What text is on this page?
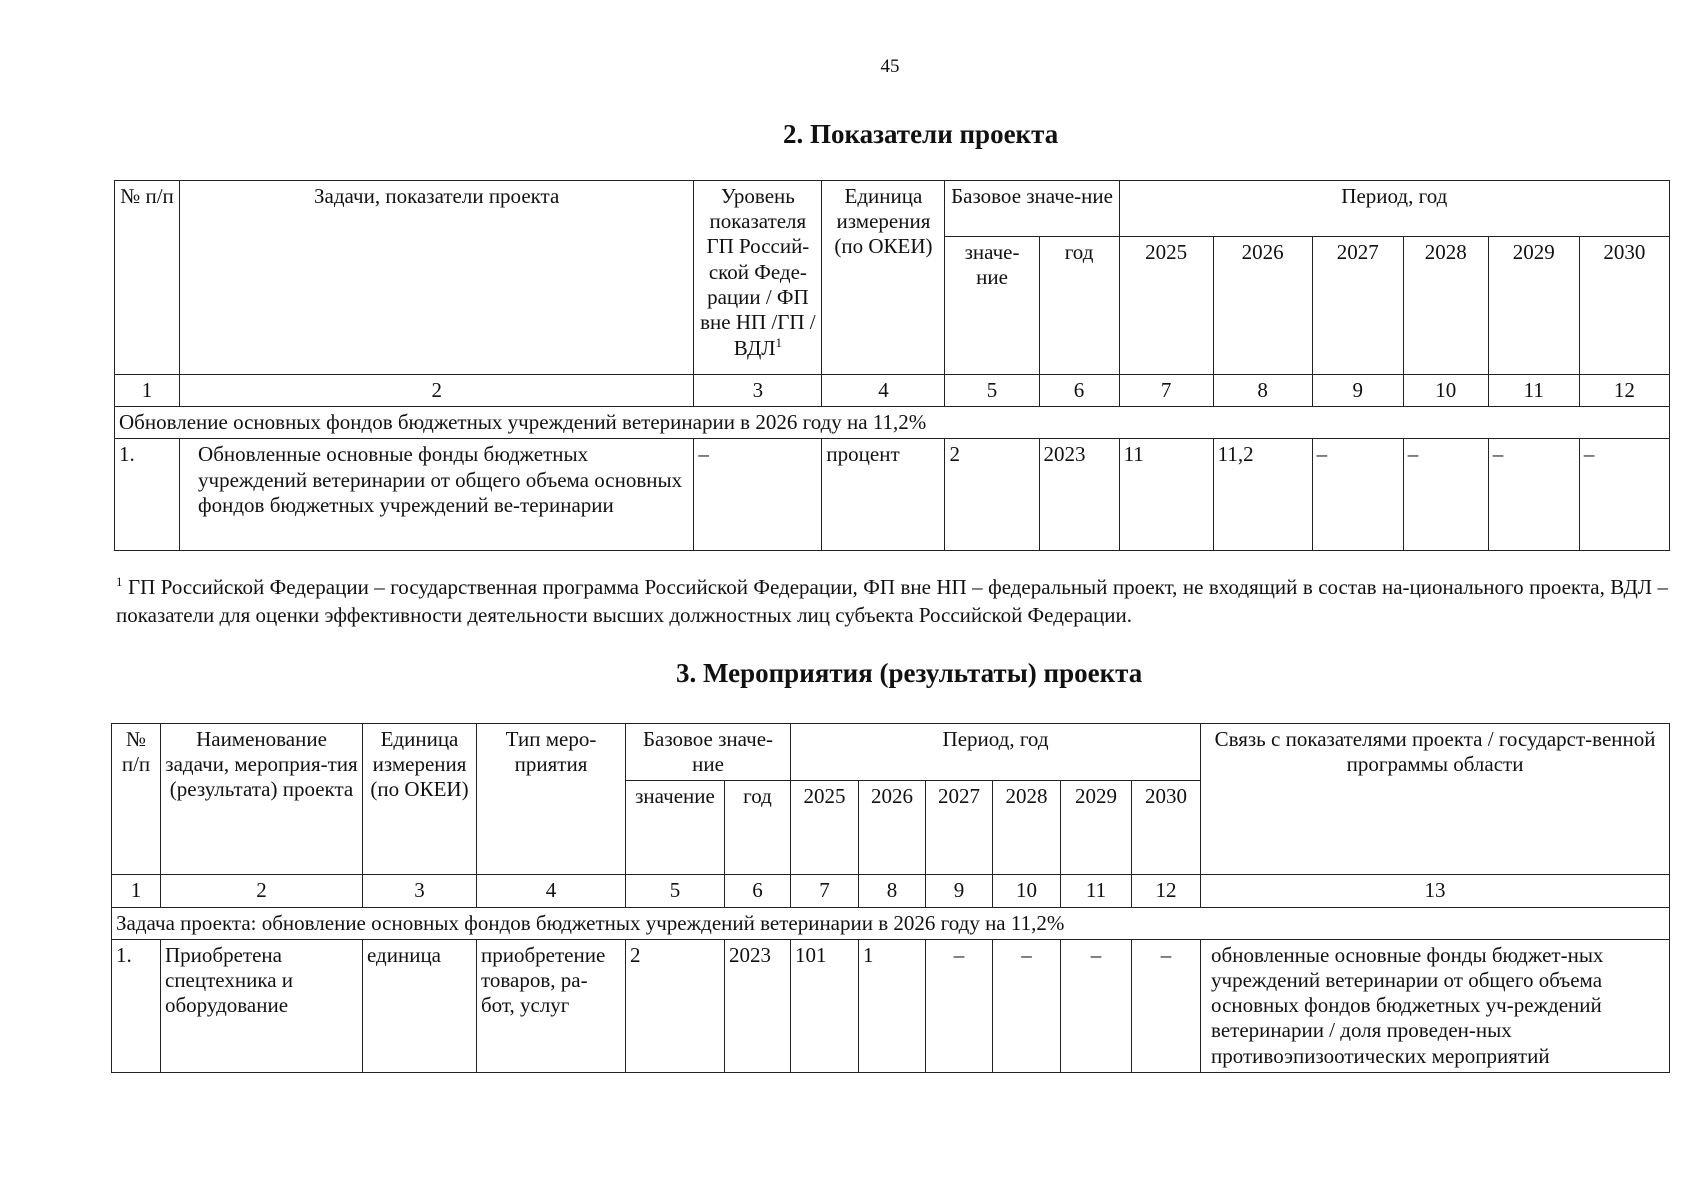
45
2. Показатели проекта
№ п/п	Задачи, показатели проекта	Уровень показателя ГП Россий-ской Феде-рации / ФП вне НП /ГП / ВДЛ$^1$	Единица измерения (по ОКЕИ)	Базовое значе-ние		Период, год					
				значе-ние	год	2025	2026	2027	2028	2029	2030
1	2	3	4	5	6	7	8	9	10	11	12
Обновление основных фондов бюджетных учреждений ветеринарии в 2026 году на 11,2%											
1.	Обновленные основные фонды бюджетных учреждений ветеринарии от общего объема основных фондов бюджетных учреждений ве-теринарии	–	процент	2	2023	11	11,2	–	–	–	–
$^1$ ГП Российской Федерации – государственная программа Российской Федерации, ФП вне НП – федеральный проект, не входящий в состав на-ционального проекта, ВДЛ – показатели для оценки эффективности деятельности высших должностных лиц субъекта Российской Федерации.
3. Мероприятия (результаты) проекта
№ п/п	Наименование задачи, мероприя-тия (результата) проекта	Единица измерения (по ОКЕИ)	Тип меро-приятия	Базовое значе-ние		Период, год						Связь с показателями проекта / государст-венной программы области
				значение	год	2025	2026	2027	2028	2029	2030	
1	2	3	4	5	6	7	8	9	10	11	12	13
Задача проекта: обновление основных фондов бюджетных учреждений ветеринарии в 2026 году на 11,2%												
1.	Приобретена спецтехника и оборудование	единица	приобретение товаров, ра-бот, услуг	2	2023	101	1	–	–	–	–	обновленные основные фонды бюджет-ных учреждений ветеринарии от общего объема основных фондов бюджетных уч-реждений ветеринарии / доля проведен-ных противоэпизоотических мероприятий
